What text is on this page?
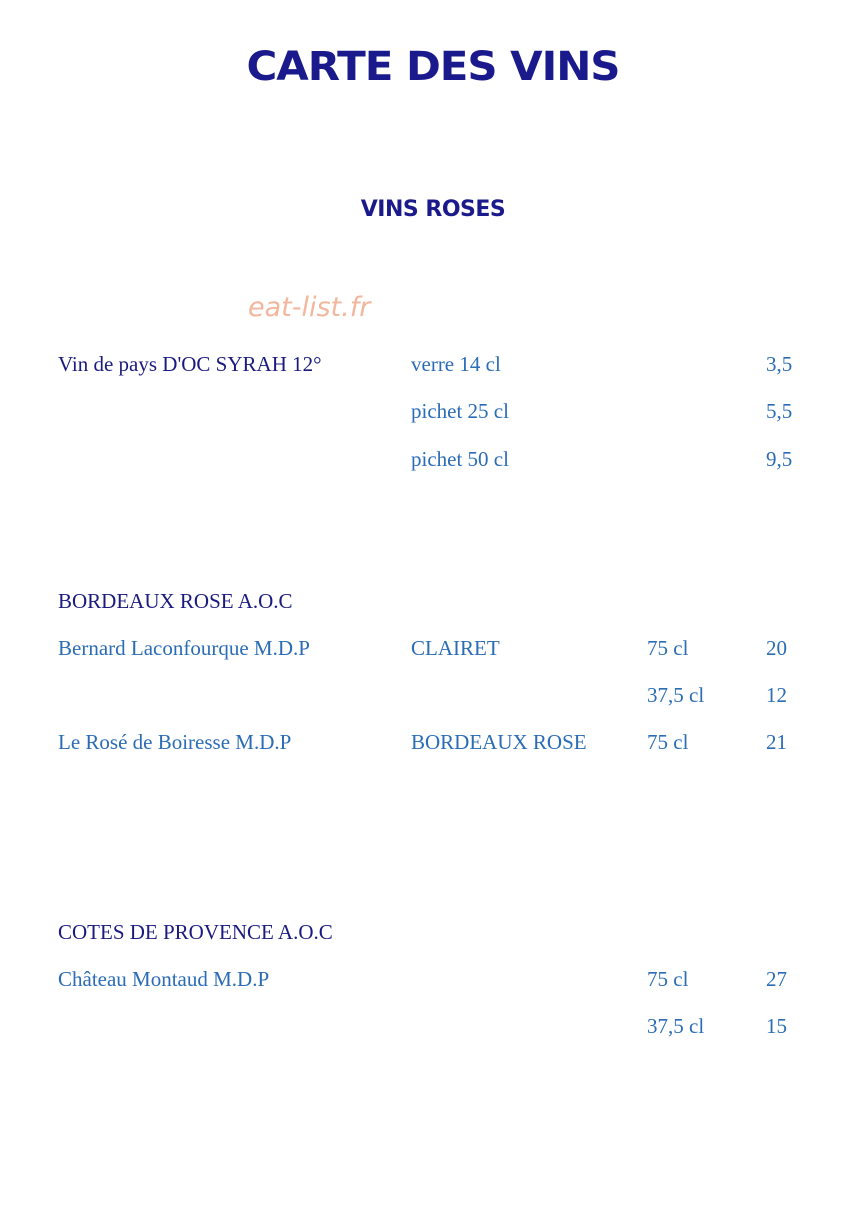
CARTE DES VINS
VINS ROSES
eat-list.fr
Vin de pays D'OC SYRAH 12°	verre 14 cl	3,5
pichet 25 cl	5,5
pichet 50 cl	9,5
BORDEAUX ROSE A.O.C
Bernard Laconfourque M.D.P	CLAIRET	75 cl	20
37,5 cl	12
Le Rosé de Boiresse M.D.P	BORDEAUX ROSE	75 cl	21
COTES DE PROVENCE A.O.C
Château Montaud M.D.P	75 cl	27
37,5 cl	15
